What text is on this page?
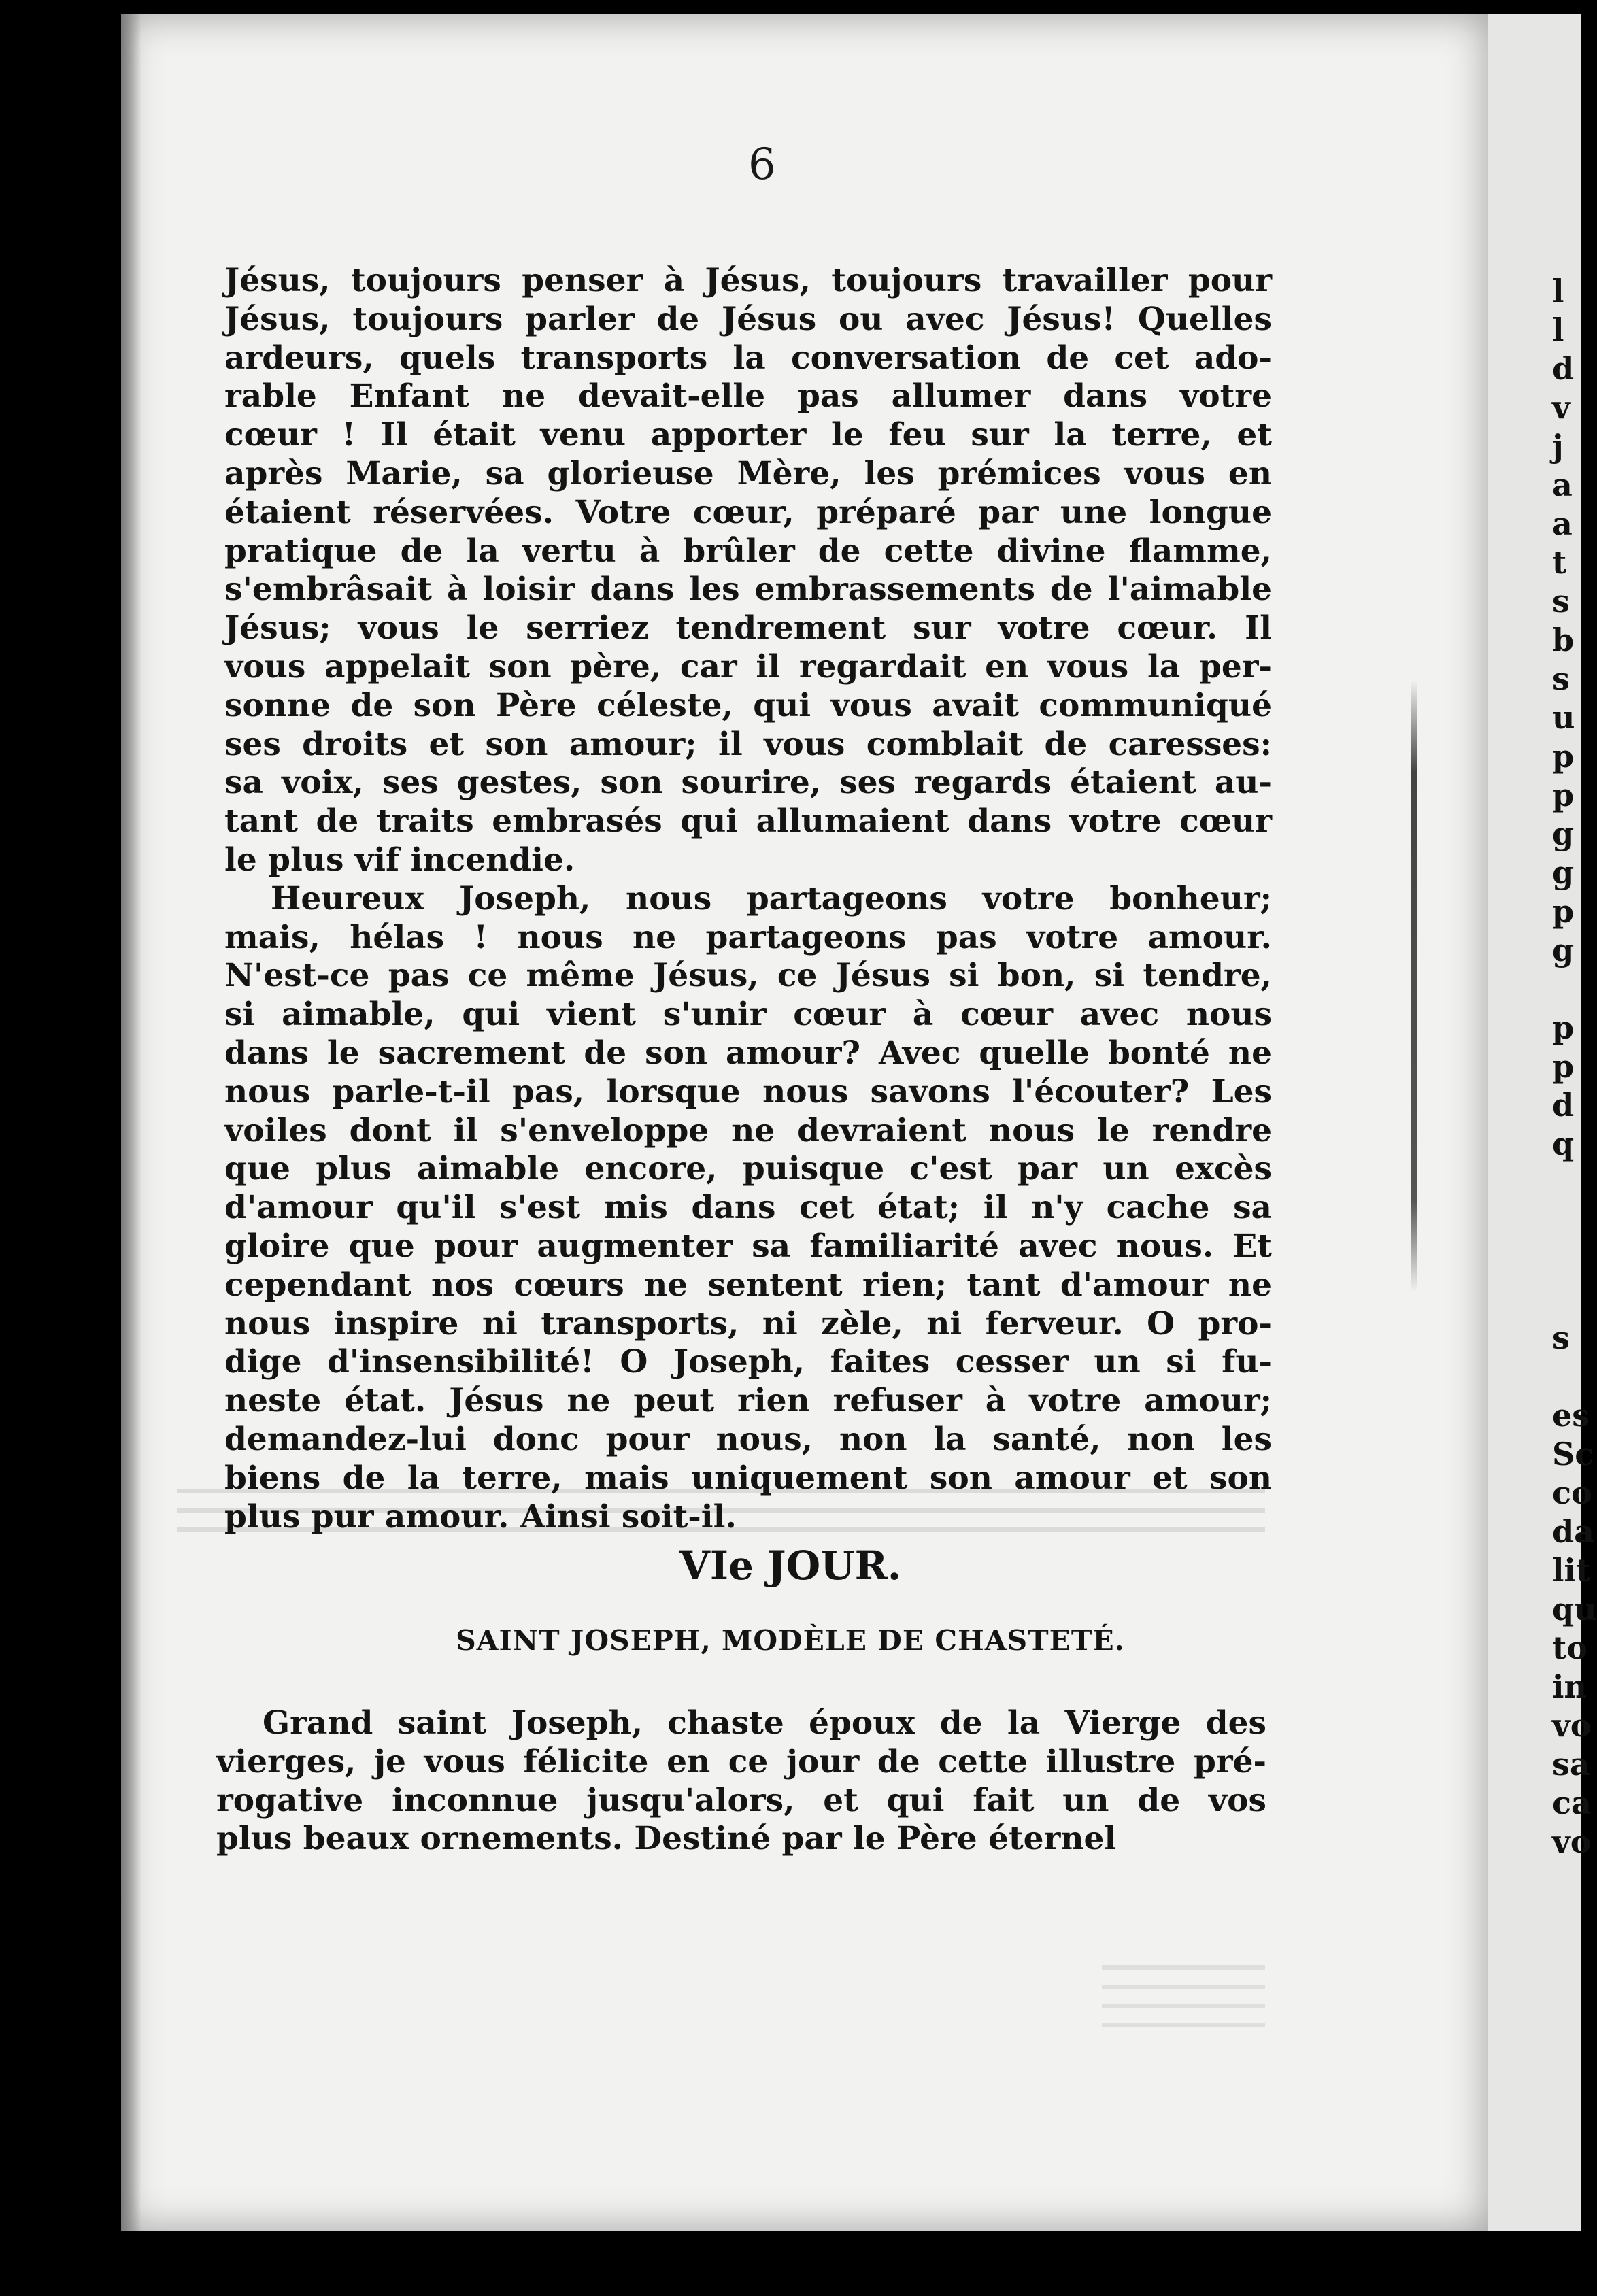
l
l
d
v
j
a
a
t
s
b
s
u
p
p
g
g
p
g
p
p
d
q
s
es
Sc
co
da
lit
qu
to
in
vo
sa
ca
vo
6
Jésus, toujours penser à Jésus, toujours travailler pour
Jésus, toujours parler de Jésus ou avec Jésus! Quelles
ardeurs, quels transports la conversation de cet ado-
rable Enfant ne devait-elle pas allumer dans votre
cœur ! Il était venu apporter le feu sur la terre, et
après Marie, sa glorieuse Mère, les prémices vous en
étaient réservées. Votre cœur, préparé par une longue
pratique de la vertu à brûler de cette divine flamme,
s'embrâsait à loisir dans les embrassements de l'aimable
Jésus; vous le serriez tendrement sur votre cœur. Il
vous appelait son père, car il regardait en vous la per-
sonne de son Père céleste, qui vous avait communiqué
ses droits et son amour; il vous comblait de caresses:
sa voix, ses gestes, son sourire, ses regards étaient au-
tant de traits embrasés qui allumaient dans votre cœur
le plus vif incendie.
Heureux Joseph, nous partageons votre bonheur;
mais, hélas ! nous ne partageons pas votre amour.
N'est-ce pas ce même Jésus, ce Jésus si bon, si tendre,
si aimable, qui vient s'unir cœur à cœur avec nous
dans le sacrement de son amour? Avec quelle bonté ne
nous parle-t-il pas, lorsque nous savons l'écouter? Les
voiles dont il s'enveloppe ne devraient nous le rendre
que plus aimable encore, puisque c'est par un excès
d'amour qu'il s'est mis dans cet état; il n'y cache sa
gloire que pour augmenter sa familiarité avec nous. Et
cependant nos cœurs ne sentent rien; tant d'amour ne
nous inspire ni transports, ni zèle, ni ferveur. O pro-
dige d'insensibilité! O Joseph, faites cesser un si fu-
neste état. Jésus ne peut rien refuser à votre amour;
demandez-lui donc pour nous, non la santé, non les
biens de la terre, mais uniquement son amour et son
plus pur amour. Ainsi soit-il.
VIe JOUR.
SAINT JOSEPH, MODÈLE DE CHASTETÉ.
Grand saint Joseph, chaste époux de la Vierge des
vierges, je vous félicite en ce jour de cette illustre pré-
rogative inconnue jusqu'alors, et qui fait un de vos
plus beaux ornements. Destiné par le Père éternel
